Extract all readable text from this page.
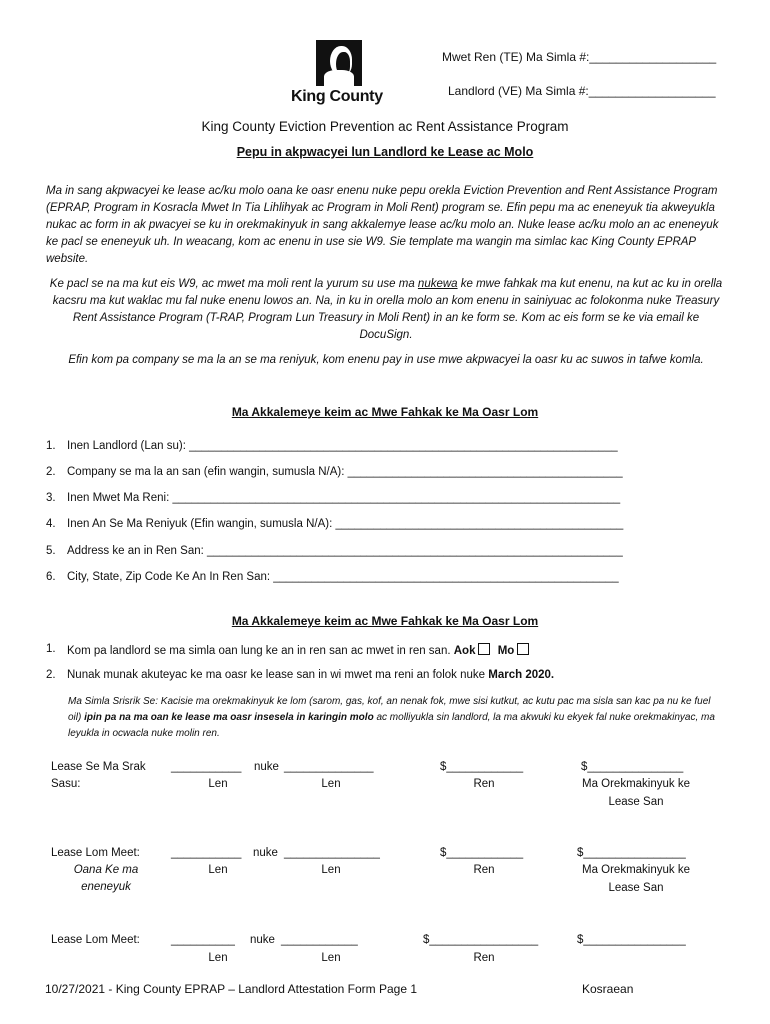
King County
Mwet Ren (TE) Ma Simla #:___________________
Landlord (VE) Ma Simla #:___________________
King County Eviction Prevention ac Rent Assistance Program
Pepu in akpwacyei lun Landlord ke Lease ac Molo
Ma in sang akpwacyei ke lease ac/ku molo oana ke oasr enenu nuke pepu orekla Eviction Prevention and Rent Assistance Program (EPRAP, Program in Kosracla Mwet In Tia Lihlihyak ac Program in Moli Rent) program se. Efin pepu ma ac eneneyuk tia akweyukla nukac ac form in ak pwacyei se ku in orekmakinyuk in sang akkalemye lease ac/ku molo an. Nuke lease ac/ku molo an ac eneneyuk ke pacl se eneneyuk uh. In weacang, kom ac enenu in use sie W9. Sie template ma wangin ma simlac kac King County EPRAP website.
Ke pacl se na ma kut eis W9, ac mwet ma moli rent la yurum su use ma nukewa ke mwe fahkak ma kut enenu, na kut ac ku in orella kacsru ma kut waklac mu fal nuke enenu lowos an. Na, in ku in orella molo an kom enenu in sainiyuac ac folokonma nuke Treasury Rent Assistance Program (T-RAP, Program Lun Treasury in Moli Rent) in an ke form se. Kom ac eis form se ke via email ke DocuSign.
Efin kom pa company se ma la an se ma reniyuk, kom enenu pay in use mwe akpwacyei la oasr ku ac suwos in tafwe komla.
Ma Akkalemeye keim ac Mwe Fahkak ke Ma Oasr Lom
1. Inen Landlord (Lan su): ___________________________________________________________________
2. Company se ma la an san (efin wangin, sumusla N/A): ___________________________________________
3. Inen Mwet Ma Reni: ______________________________________________________________________
4. Inen An Se Ma Reniyuk (Efin wangin, sumusla N/A): _____________________________________________
5. Address ke an in Ren San: _________________________________________________________________
6. City, State, Zip Code Ke An In Ren San: ______________________________________________________
Ma Akkalemeye keim ac Mwe Fahkak ke Ma Oasr Lom
1. Kom pa landlord se ma simla oan lung ke an in ren san ac mwet in ren san. Aok Mo
2. Nunak munak akuteyac ke ma oasr ke lease san in wi mwet ma reni an folok nuke March 2020.
Ma Simla Srisrik Se: Kacisie ma orekmakinyuk ke lom (sarom, gas, kof, an nenak fok, mwe sisi kutkut, ac kutu pac ma sisla san kac pa nu ke fuel oil) ipin pa na ma oan ke lease ma oasr insesela in karingin molo ac molliyukla sin landlord, la ma akwuki ku ekyek fal nuke orekmakinyac, ma leyukla in ocwacla nuke molin ren.
Lease Se Ma Srak
Sasu:
___________ nuke ______________	$____________	$_______________
Len	Len	Ren	Ma Orekmakinyuk ke
Lease San
Lease Lom Meet:
Oana Ke ma
eneneyuk
___________ nuke _______________	$____________	$________________
Len	Len	Ren	Ma Orekmakinyuk ke
Lease San
Lease Lom Meet:	__________ nuke ____________	$_________________	$________________
Len	Len	Ren
10/27/2021 - King County EPRAP – Landlord Attestation Form Page 1	Kosraean
